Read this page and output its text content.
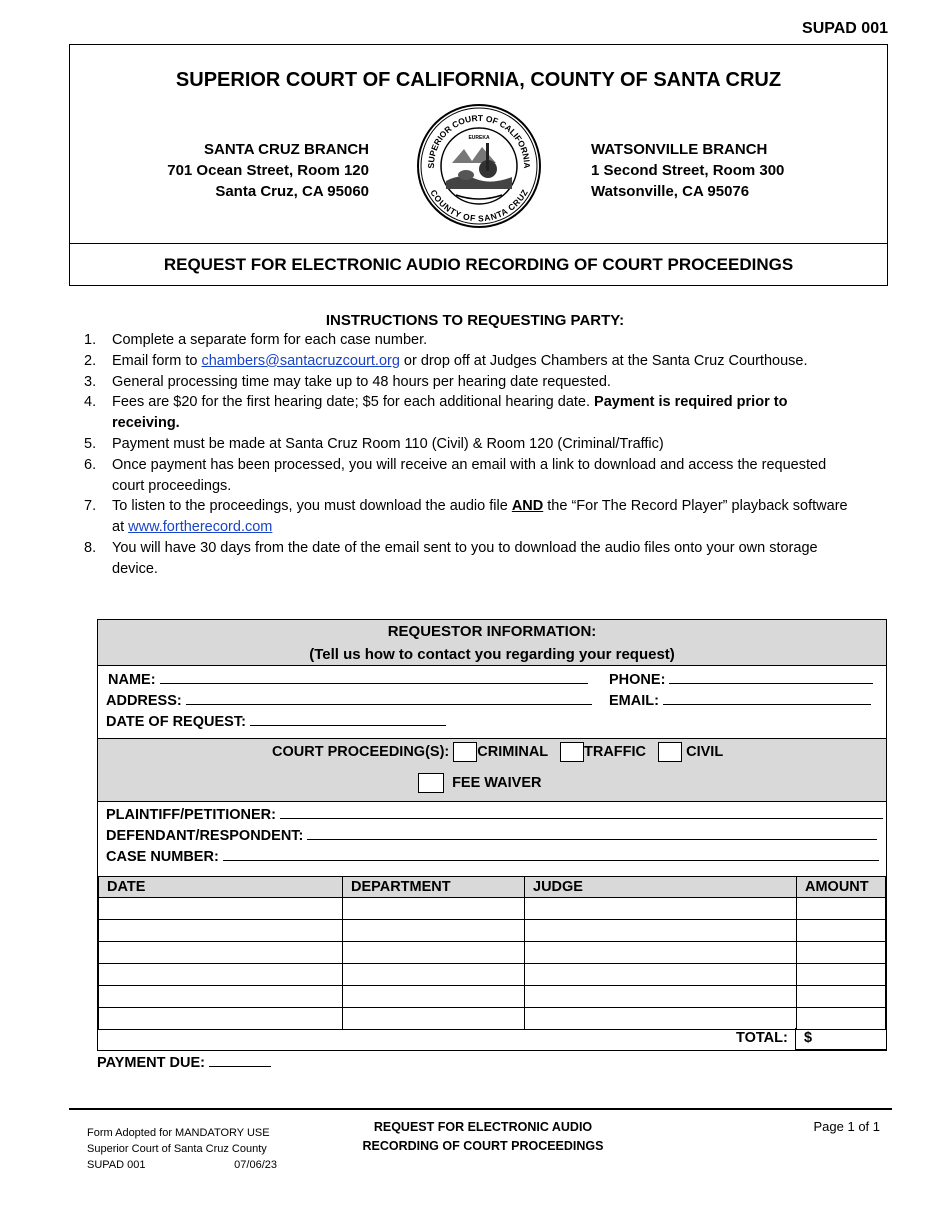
SUPAD 001
SUPERIOR COURT OF CALIFORNIA, COUNTY OF SANTA CRUZ
SANTA CRUZ BRANCH
701 Ocean Street, Room 120
Santa Cruz, CA 95060
SUPERIOR COURT OF CALIFORNIA
COUNTY OF SANTA CRUZ
EUREKA
WATSONVILLE BRANCH
1 Second Street, Room 300
Watsonville, CA 95076
REQUEST FOR ELECTRONIC AUDIO RECORDING OF COURT PROCEEDINGS
INSTRUCTIONS TO REQUESTING PARTY:
1. Complete a separate form for each case number.
2. Email form to chambers@santacruzcourt.org or drop off at Judges Chambers at the Santa Cruz Courthouse.
3. General processing time may take up to 48 hours per hearing date requested.
4. Fees are $20 for the first hearing date; $5 for each additional hearing date. Payment is required prior to receiving.
5. Payment must be made at Santa Cruz Room 110 (Civil) & Room 120 (Criminal/Traffic)
6. Once payment has been processed, you will receive an email with a link to download and access the requested court proceedings.
7. To listen to the proceedings, you must download the audio file AND the “For The Record Player” playback software at www.fortherecord.com
8. You will have 30 days from the date of the email sent to you to download the audio files onto your own storage device.
REQUESTOR INFORMATION:
(Tell us how to contact you regarding your request)
NAME:
ADDRESS:
DATE OF REQUEST:
PHONE:
EMAIL:
COURT PROCEEDING(S): CRIMINAL TRAFFIC	CIVIL
FEE WAIVER
PLAINTIFF/PETITIONER:
DEFENDANT/RESPONDENT:
CASE NUMBER:
DATE	DEPARTMENT	JUDGE	AMOUNT

TOTAL:	$
PAYMENT DUE:
Form Adopted for MANDATORY USE
Superior Court of Santa Cruz County
SUPAD 001	07/06/23
REQUEST FOR ELECTRONIC AUDIO
RECORDING OF COURT PROCEEDINGS
Page 1 of 1
